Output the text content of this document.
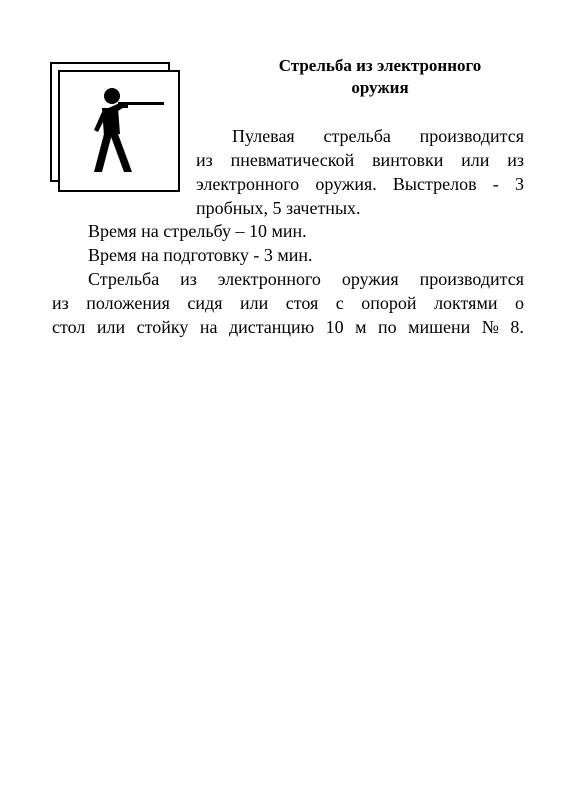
Стрельба из электронного
оружия
Пулевая стрельба производится
из пневматической винтовки или из
электронного оружия. Выстрелов - 3
пробных, 5 зачетных.
Время на стрельбу – 10 мин.
Время на подготовку - 3 мин.
Стрельба из электронного оружия производится
из положения сидя или стоя с опорой локтями о
стол или стойку на дистанцию 10 м по мишени № 8.
